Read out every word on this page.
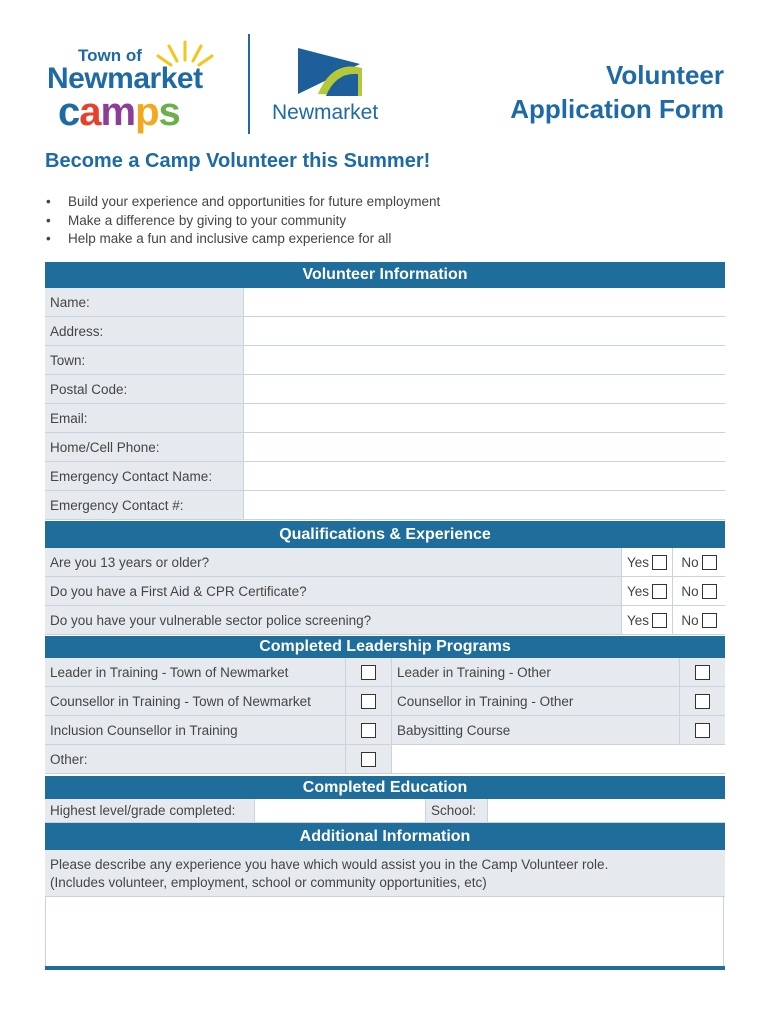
Town of
Newmarket
camps	Newmarket
Volunteer
Application Form
Become a Camp Volunteer this Summer!
• Build your experience and opportunities for future employment
• Make a difference by giving to your community
• Help make a fun and inclusive camp experience for all
Volunteer Information
Name:
Address:
Town:
Postal Code:
Email:
Home/Cell Phone:
Emergency Contact Name:
Emergency Contact #:
Qualifications & Experience
Are you 13 years or older?	Yes No
Do you have a First Aid & CPR Certificate?	Yes No
Do you have your vulnerable sector police screening?	Yes No
Completed Leadership Programs
Leader in Training - Town of Newmarket	Leader in Training - Other
Counsellor in Training - Town of Newmarket	Counsellor in Training - Other
Inclusion Counsellor in Training	Babysitting Course
Other:
Completed Education
Highest level/grade completed:	School:
Additional Information
Please describe any experience you have which would assist you in the Camp Volunteer role.
(Includes volunteer, employment, school or community opportunities, etc)
